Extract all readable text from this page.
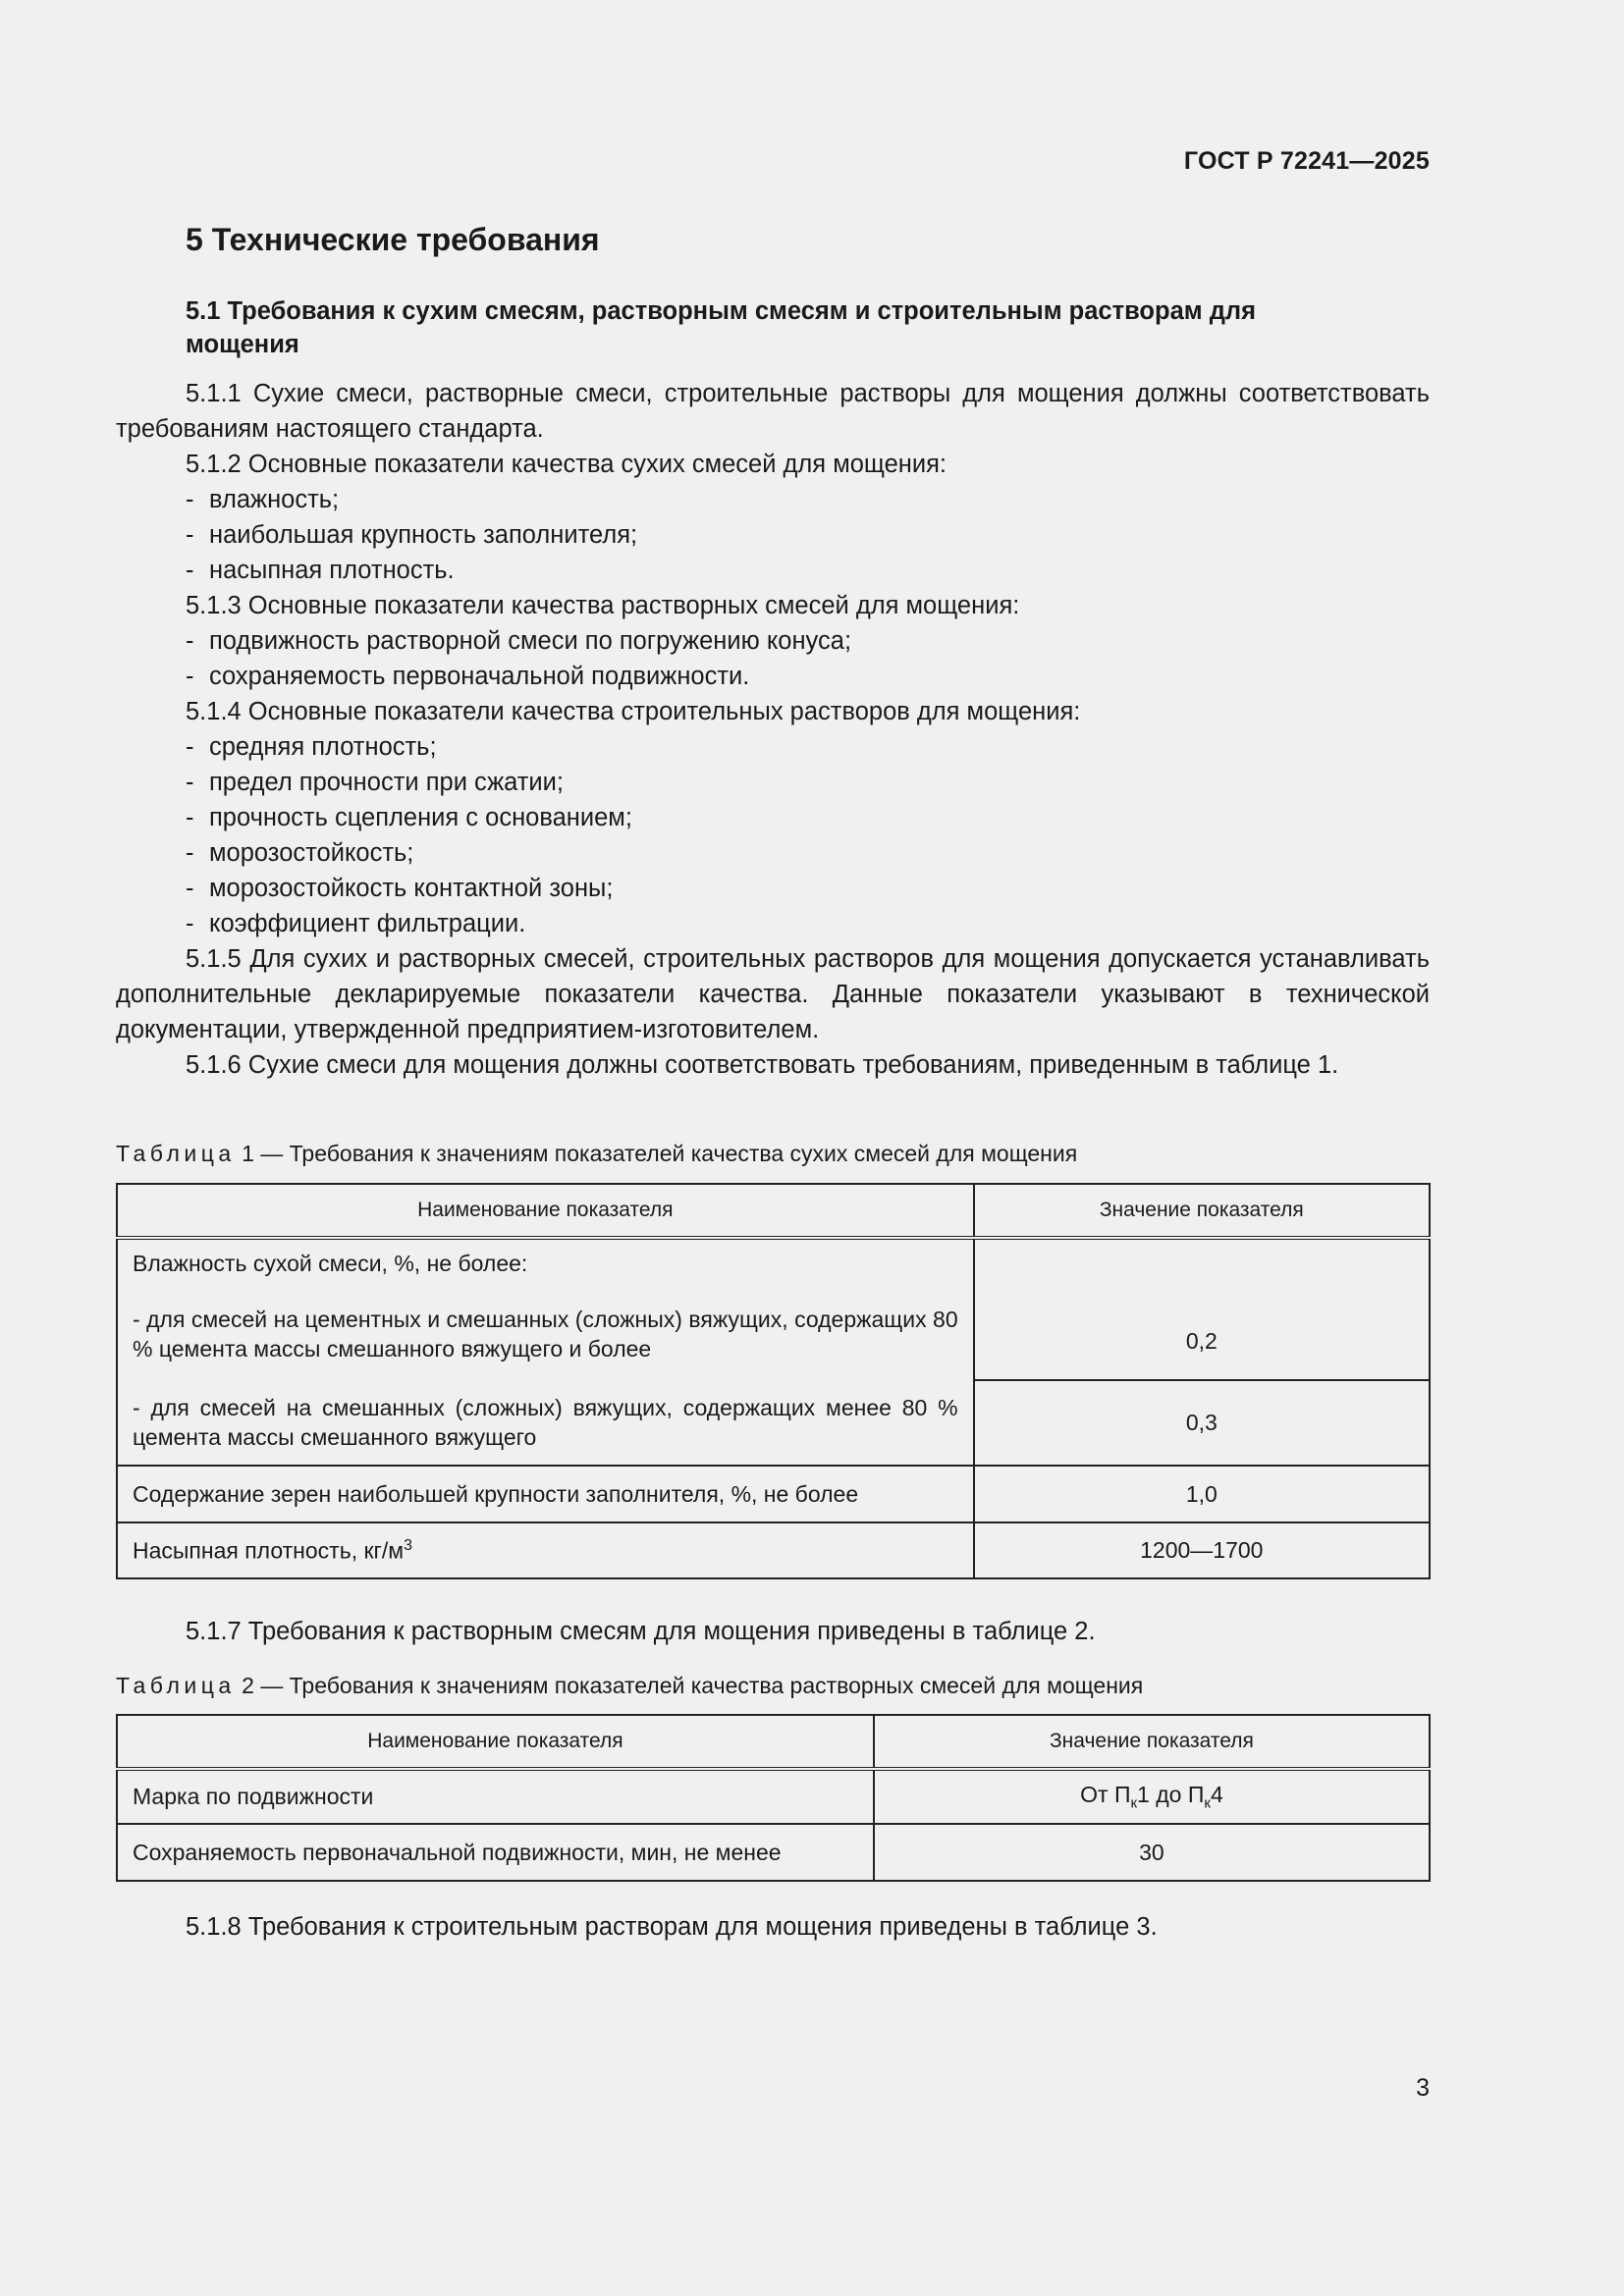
ГОСТ Р 72241—2025
5 Технические требования
5.1 Требования к сухим смесям, растворным смесям и строительным растворам для мощения

5.1.1 Сухие смеси, растворные смеси, строительные растворы для мощения должны соответствовать требованиям настоящего стандарта.

5.1.2 Основные показатели качества сухих смесей для мощения:

- влажность;

- наибольшая крупность заполнителя;

- насыпная плотность.

5.1.3 Основные показатели качества растворных смесей для мощения:

- подвижность растворной смеси по погружению конуса;

- сохраняемость первоначальной подвижности.

5.1.4 Основные показатели качества строительных растворов для мощения:

- средняя плотность;

- предел прочности при сжатии;

- прочность сцепления с основанием;

- морозостойкость;

- морозостойкость контактной зоны;

- коэффициент фильтрации.

5.1.5 Для сухих и растворных смесей, строительных растворов для мощения допускается устанавливать дополнительные декларируемые показатели качества. Данные показатели указывают в технической документации, утвержденной предприятием-изготовителем.

5.1.6 Сухие смеси для мощения должны соответствовать требованиям, приведенным в таблице 1.

Таблица 1 — Требования к значениям показателей качества сухих смесей для мощения
Наименование показателя	Значение показателя

Влажность сухой смеси, %, не более:
- для смесей на цементных и смешанных (сложных) вяжущих, содержащих 80 % цемента массы смешанного вяжущего и более	0,2

- для смесей на смешанных (сложных) вяжущих, содержащих менее 80 % цемента массы смешанного вяжущего	0,3
Содержание зерен наибольшей крупности заполнителя, %, не более	1,0
Насыпная плотность, $кг/м^3$	1200—1700
5.1.7 Требования к растворным смесям для мощения приведены в таблице 2.
Таблица 2 — Требования к значениям показателей качества растворных смесей для мощения
Наименование показателя	Значение показателя
Марка по подвижности	От $П_к1$ до $П_к4$
Сохраняемость первоначальной подвижности, мин, не менее	30
5.1.8 Требования к строительным растворам для мощения приведены в таблице 3.
3
